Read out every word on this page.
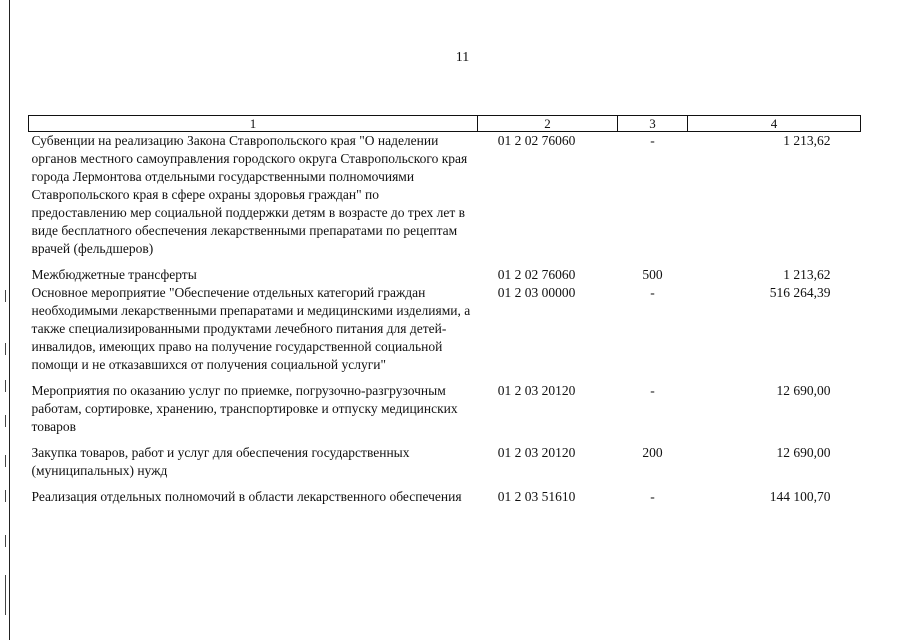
11
1	2	3	4
Субвенции на реализацию Закона Ставропольского края "О наделении органов местного самоуправления городского округа Ставропольского края города Лермонтова отдельными государственными полномочиями Ставропольского края в сфере охраны здоровья граждан" по предоставлению мер социальной поддержки детям в возрасте до трех лет в виде бесплатного обеспечения лекарственными препаратами по рецептам врачей (фельдшеров)	01 2 02 76060	-	1 213,62
Межбюджетные трансферты	01 2 02 76060	500	1 213,62
Основное мероприятие "Обеспечение отдельных категорий граждан необходимыми лекарственными препаратами и медицинскими изделиями, а также специализированными продуктами лечебного питания для детей-инвалидов, имеющих право на получение государственной социальной помощи и не отказавшихся от получения социальной услуги"	01 2 03 00000	-	516 264,39
Мероприятия по оказанию услуг по приемке, погрузочно-разгрузочным работам, сортировке, хранению, транспортировке и отпуску медицинских товаров	01 2 03 20120	-	12 690,00
Закупка товаров, работ и услуг для обеспечения государственных (муниципальных) нужд	01 2 03 20120	200	12 690,00
Реализация отдельных полномочий в области лекарственного обеспечения	01 2 03 51610	-	144 100,70
